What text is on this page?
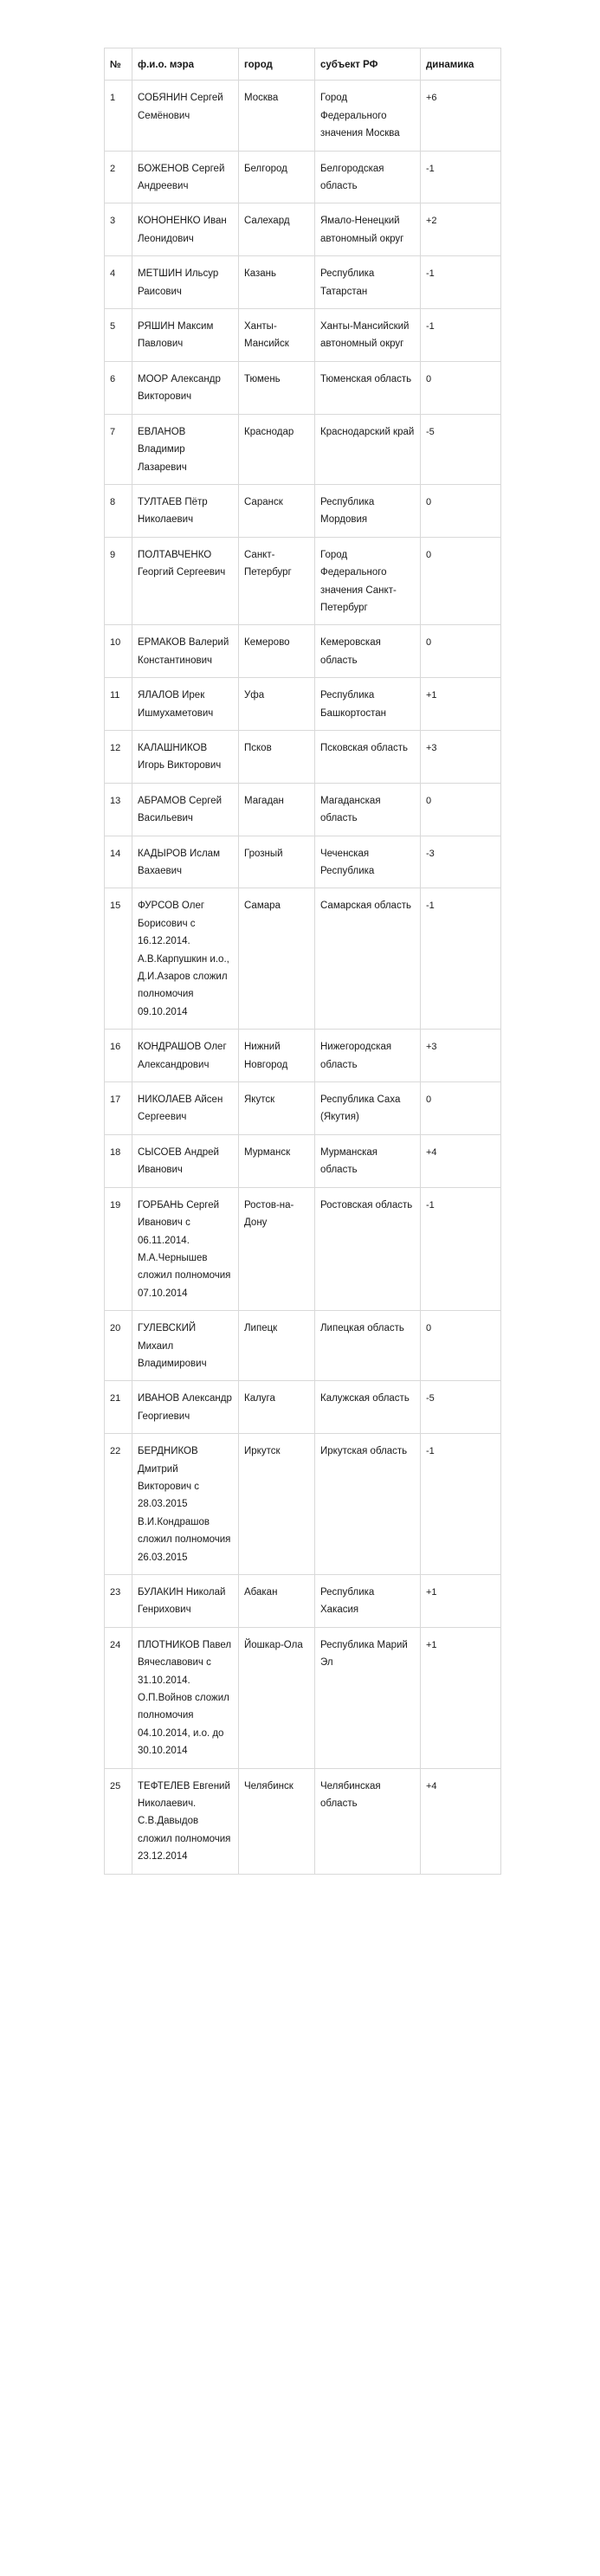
№	ф.и.о. мэра	город	субъект РФ	динамика
1	СОБЯНИН Сергей Семёнович	Москва	Город Федерального значения Москва	+6
2	БОЖЕНОВ Сергей Андреевич	Белгород	Белгородская область	-1
3	КОНОНЕНКО Иван Леонидович	Салехард	Ямало-Ненецкий автономный округ	+2
4	МЕТШИН Ильсур Раисович	Казань	Республика Татарстан	-1
5	РЯШИН Максим Павлович	Ханты-Мансийск	Ханты-Мансийский автономный округ	-1
6	МООР Александр Викторович	Тюмень	Тюменская область	0
7	ЕВЛАНОВ Владимир Лазаревич	Краснодар	Краснодарский край	-5
8	ТУЛТАЕВ Пётр Николаевич	Саранск	Республика Мордовия	0
9	ПОЛТАВЧЕНКО Георгий Сергеевич	Санкт-Петербург	Город Федерального значения Санкт-Петербург	0
10	ЕРМАКОВ Валерий Константинович	Кемерово	Кемеровская область	0
11	ЯЛАЛОВ Ирек Ишмухаметович	Уфа	Республика Башкортостан	+1
12	КАЛАШНИКОВ Игорь Викторович	Псков	Псковская область	+3
13	АБРАМОВ Сергей Васильевич	Магадан	Магаданская область	0
14	КАДЫРОВ Ислам Вахаевич	Грозный	Чеченская Республика	-3
15	ФУРСОВ Олег Борисович с 16.12.2014. А.В.Карпушкин и.о., Д.И.Азаров сложил полномочия 09.10.2014	Самара	Самарская область	-1
16	КОНДРАШОВ Олег Александрович	Нижний Новгород	Нижегородская область	+3
17	НИКОЛАЕВ Айсен Сергеевич	Якутск	Республика Саха (Якутия)	0
18	СЫСОЕВ Андрей Иванович	Мурманск	Мурманская область	+4
19	ГОРБАНЬ Сергей Иванович с 06.11.2014. М.А.Чернышев сложил полномочия 07.10.2014	Ростов-на-Дону	Ростовская область	-1
20	ГУЛЕВСКИЙ Михаил Владимирович	Липецк	Липецкая область	0
21	ИВАНОВ Александр Георгиевич	Калуга	Калужская область	-5
22	БЕРДНИКОВ Дмитрий Викторович с 28.03.2015 В.И.Кондрашов сложил полномочия 26.03.2015	Иркутск	Иркутская область	-1
23	БУЛАКИН Николай Генрихович	Абакан	Республика Хакасия	+1
24	ПЛОТНИКОВ Павел Вячеславович с 31.10.2014. О.П.Войнов сложил полномочия 04.10.2014, и.о. до 30.10.2014	Йошкар-Ола	Республика Марий Эл	+1
25	ТЕФТЕЛЕВ Евгений Николаевич. С.В.Давыдов сложил полномочия 23.12.2014	Челябинск	Челябинская область	+4
